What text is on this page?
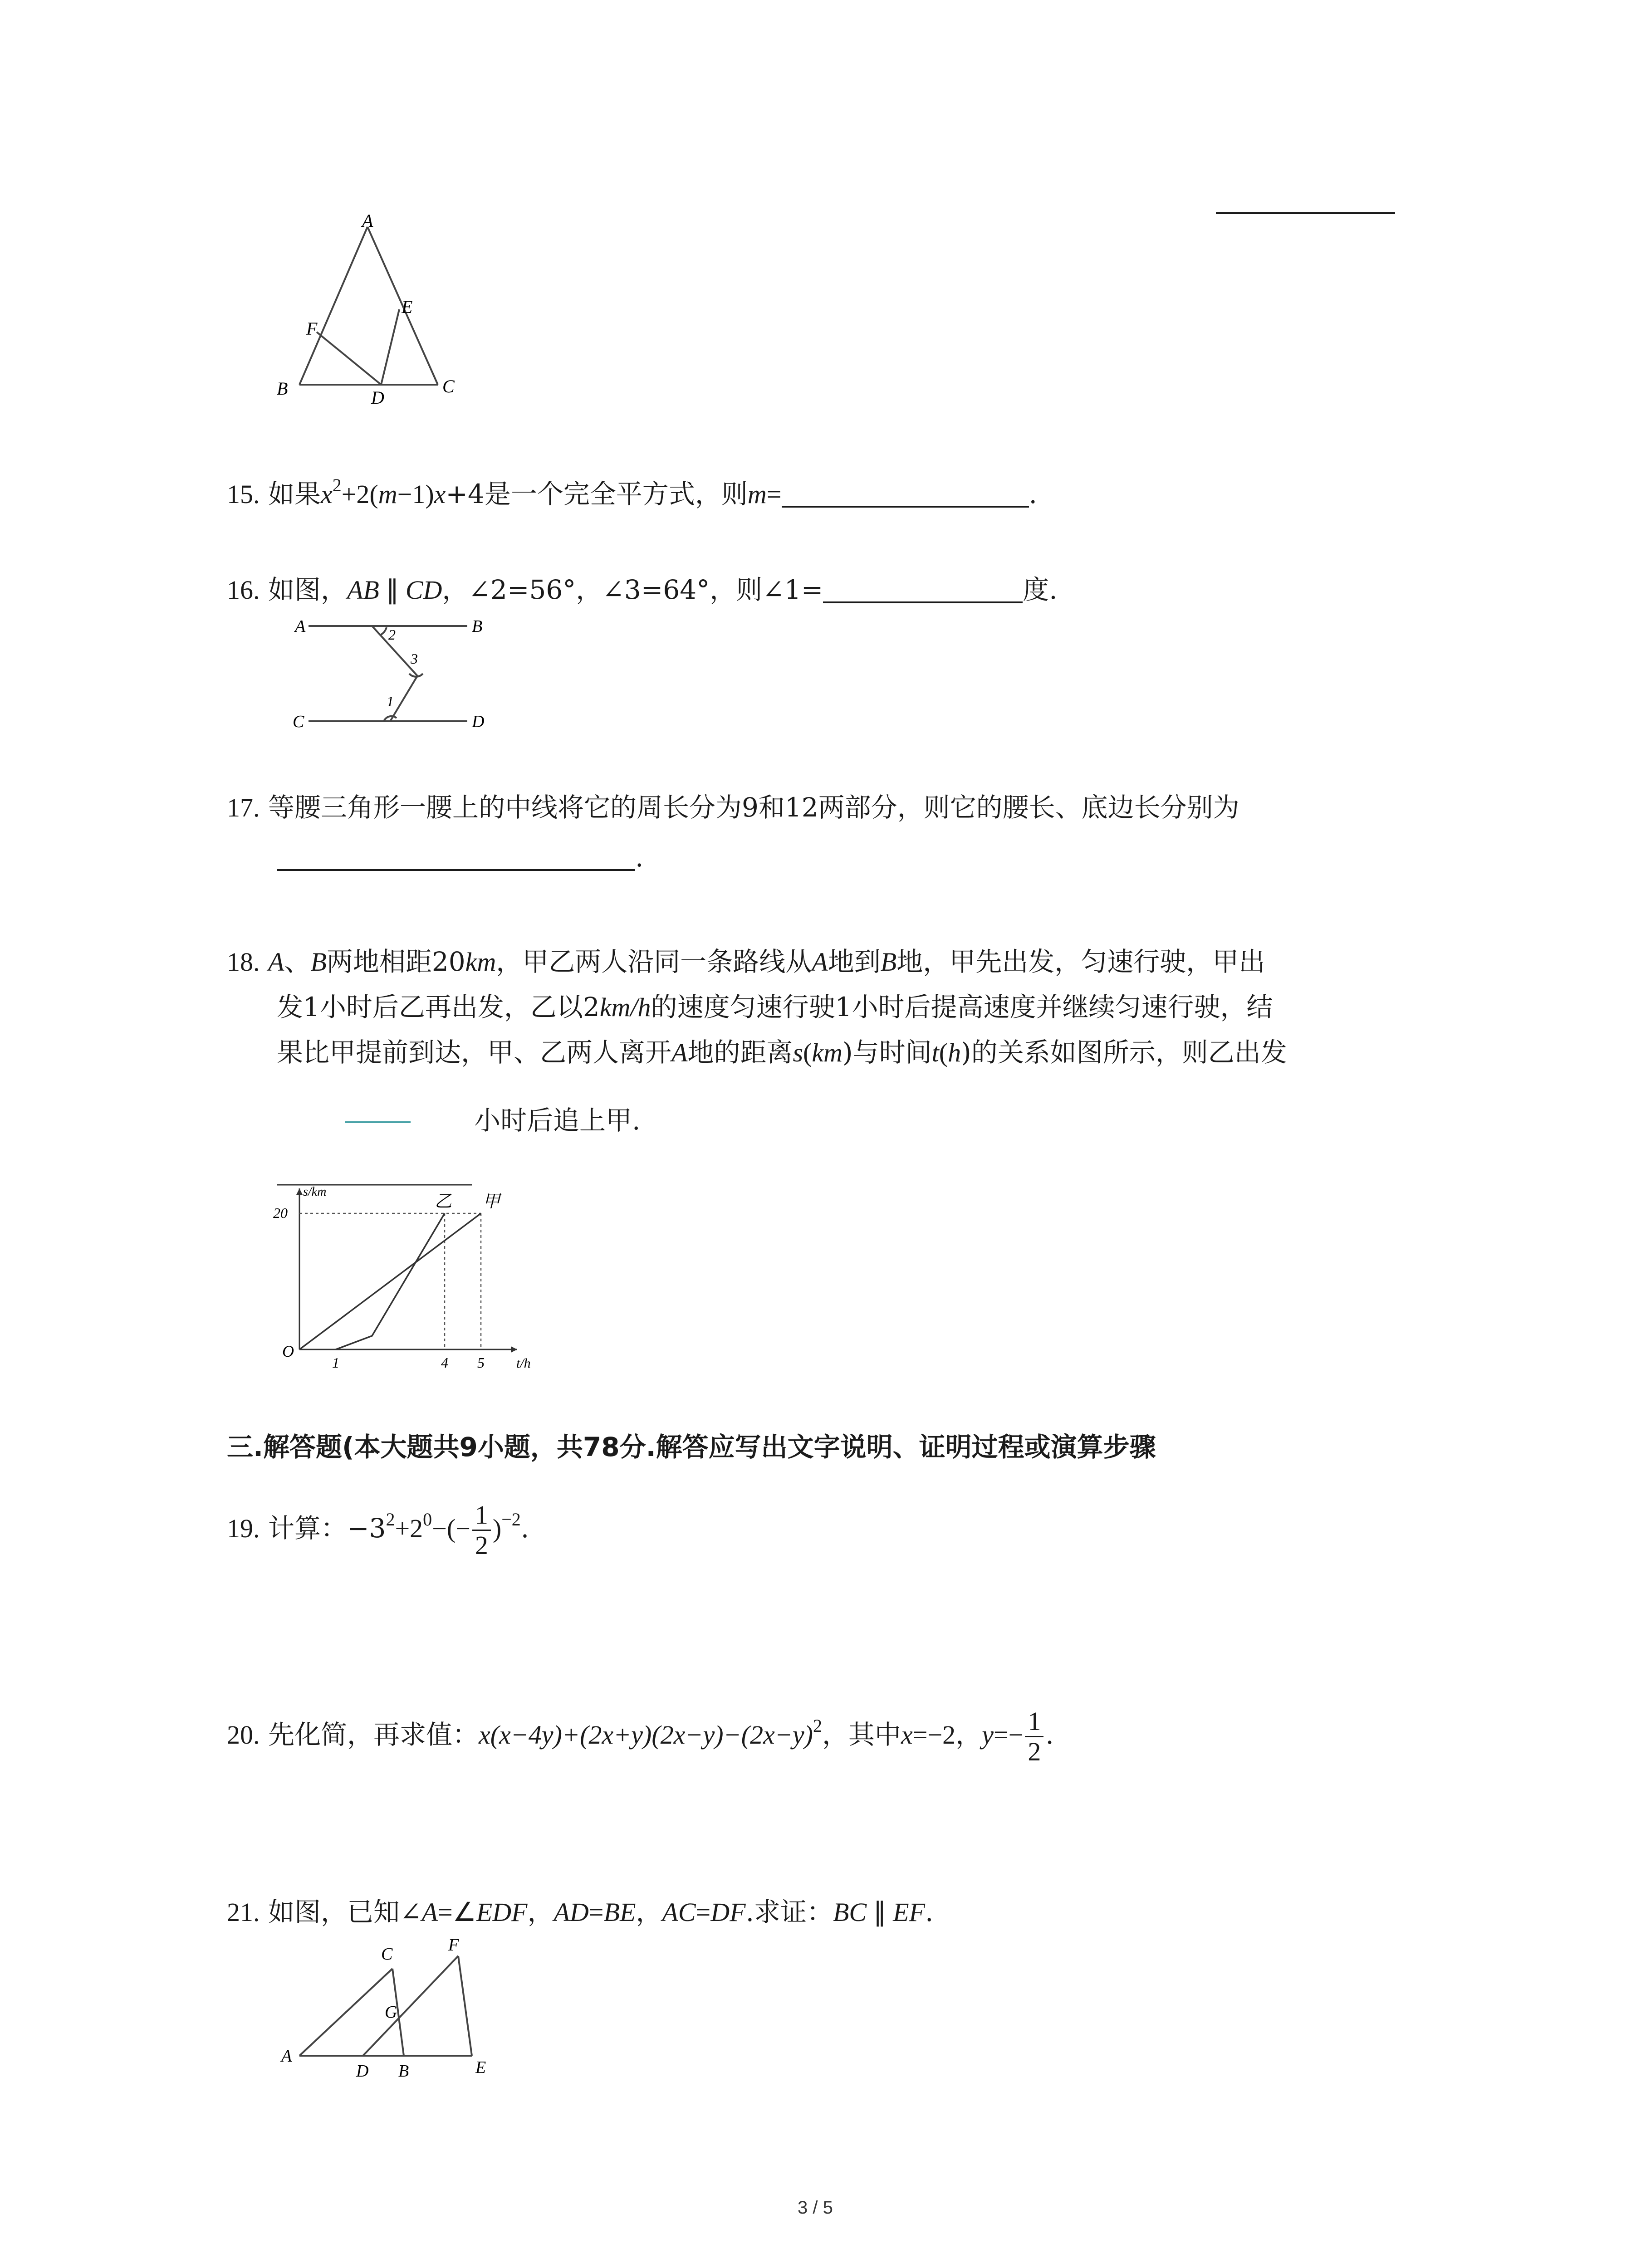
A
B	C
D
E
F
15. 如果$x^2+2(m-1)x+4$是一个完全平方式，则m=	.
16. 如图，AB ∥ CD，∠2=56°，∠3=64°，则∠1=	度.
A	B
C	D
1
2
3
17. 等腰三角形一腰上的中线将它的周长分为9和12两部分，则它的腰长、底边长分别为
.
18. A、B两地相距20km，甲乙两人沿同一条路线从A地到B地，甲先出发，匀速行驶，甲出
发1小时后乙再出发，乙以2km/h的速度匀速行驶1小时后提高速度并继续匀速行驶，结
果比甲提前到达，甲、乙两人离开A地的距离s(km)与时间t(h)的关系如图所示，则乙出发
小时后追上甲.
甲
乙
1	4 5
20
O
s/km
t/h
三.解答题(本大题共9小题，共78分.解答应写出文字说明、证明过程或演算步骤
19. 计算：$-3^2+2^0-(- \frac{1}{2} )^{-2}$.
20. 先化简，再求值：$x(x-4y)+(2x+y)(2x-y)-(2x-y)^2$，其中x=−2，$y=- \frac{1}{2}$ .
21. 如图，已知∠A=∠EDF，AD=BE，AC=DF.求证：BC ∥ EF.
A
B
C
D	E
F
G
3 / 5
